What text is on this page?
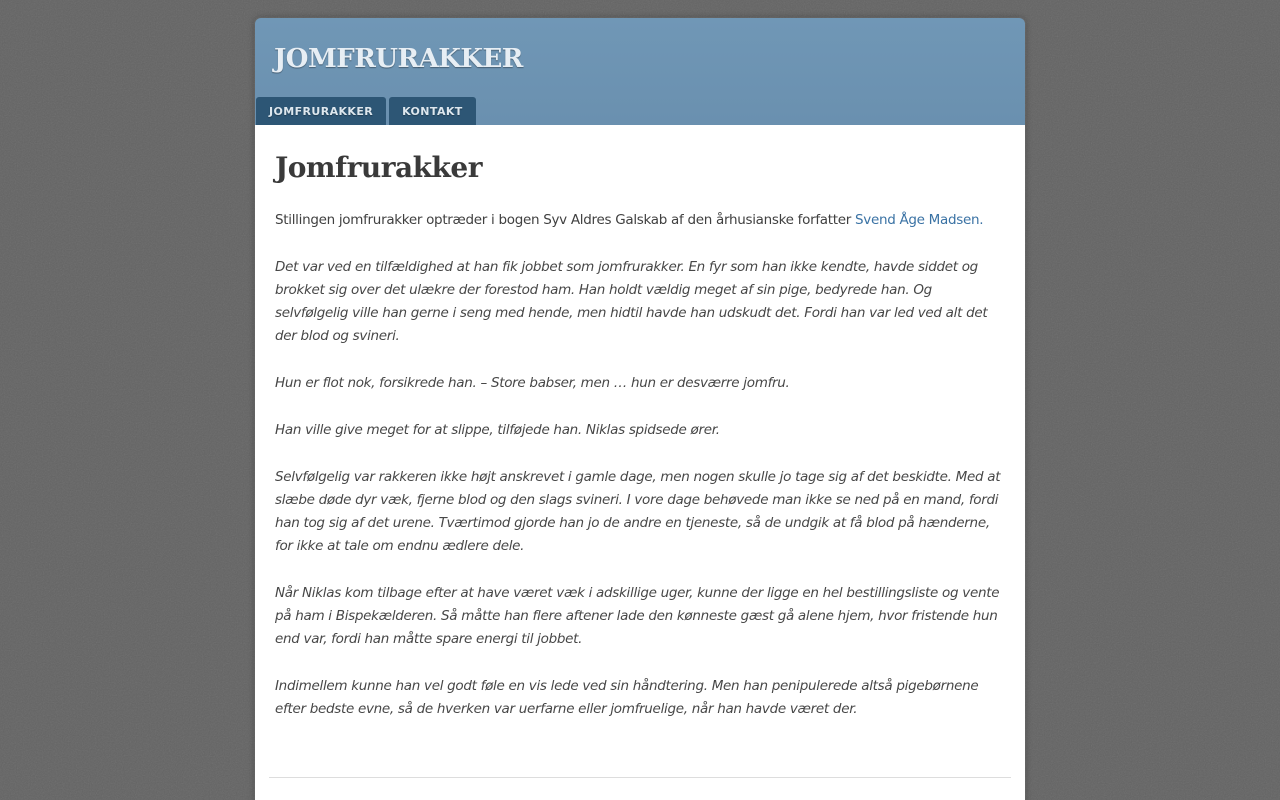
JOMFRURAKKER
JOMFRURAKKER	KONTAKT
Jomfrurakker

Stillingen jomfrurakker optræder i bogen Syv Aldres Galskab af den århusianske forfatter Svend Åge Madsen.

Det var ved en tilfældighed at han fik jobbet som jomfrurakker. En fyr som han ikke kendte, havde siddet og brokket sig over det ulækre der forestod ham. Han holdt vældig meget af sin pige, bedyrede han. Og selvfølgelig ville han gerne i seng med hende, men hidtil havde han udskudt det. Fordi han var led ved alt det der blod og svineri.

Hun er flot nok, forsikrede han. – Store babser, men … hun er desværre jomfru.

Han ville give meget for at slippe, tilføjede han. Niklas spidsede ører.

Selvfølgelig var rakkeren ikke højt anskrevet i gamle dage, men nogen skulle jo tage sig af det beskidte. Med at slæbe døde dyr væk, fjerne blod og den slags svineri. I vore dage behøvede man ikke se ned på en mand, fordi han tog sig af det urene. Tværtimod gjorde han jo de andre en tjeneste, så de undgik at få blod på hænderne, for ikke at tale om endnu ædlere dele.

Når Niklas kom tilbage efter at have været væk i adskillige uger, kunne der ligge en hel bestillingsliste og vente på ham i Bispekælderen. Så måtte han flere aftener lade den kønneste gæst gå alene hjem, hvor fristende hun end var, fordi han måtte spare energi til jobbet.

Indimellem kunne han vel godt føle en vis lede ved sin håndtering. Men han penipulerede altså pigebørnene efter bedste evne, så de hverken var uerfarne eller jomfruelige, når han havde været der.
